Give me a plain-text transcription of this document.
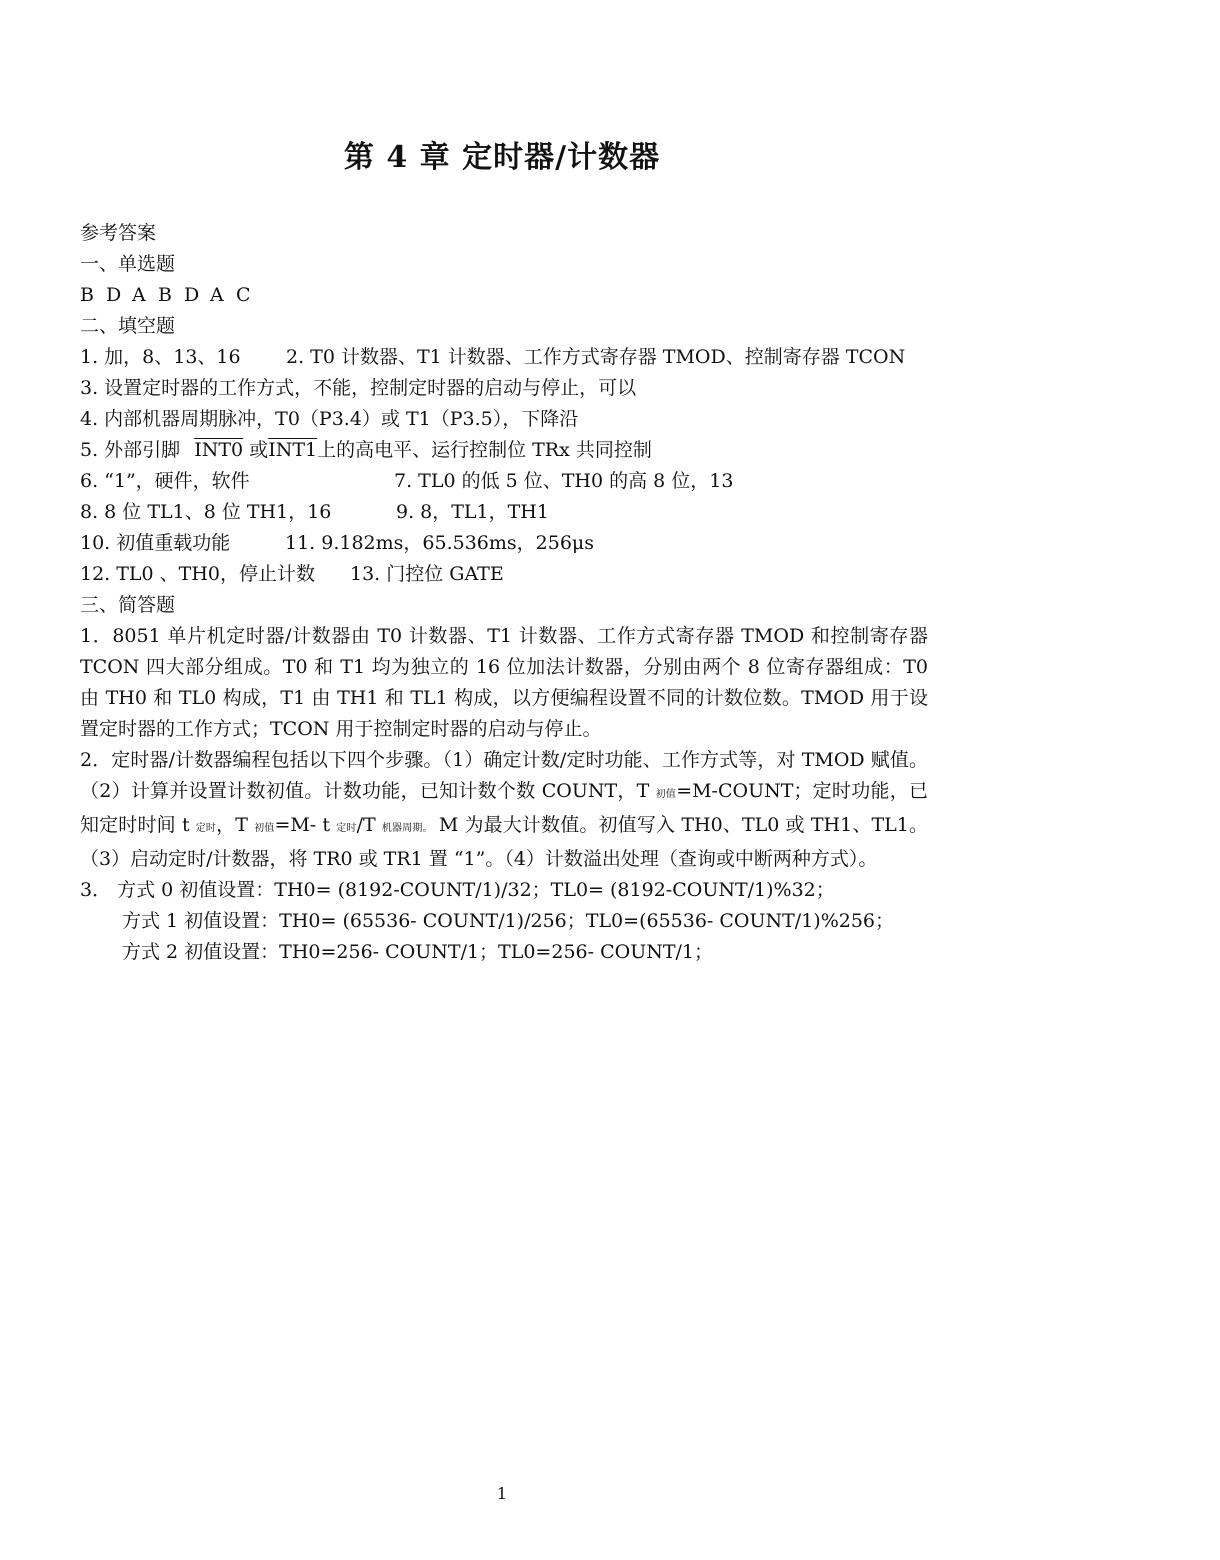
第 4 章 定时器/计数器
参考答案
一、单选题
B D A B D A C
二、填空题
1. 加，8、13、16 2. T0 计数器、T1 计数器、工作方式寄存器 TMOD、控制寄存器 TCON
3. 设置定时器的工作方式，不能，控制定时器的启动与停止，可以
4. 内部机器周期脉冲，T0（P3.4）或 T1（P3.5），下降沿
5. 外部引脚 INT0 或INT1上的高电平、运行控制位 TRx 共同控制
6. “1”，硬件，软件	7. TL0 的低 5 位、TH0 的高 8 位，13
8. 8 位 TL1、8 位 TH1，16	9. 8，TL1，TH1
10. 初值重载功能	11. 9.182ms，65.536ms，256μs
12. TL0 、TH0，停止计数 13. 门控位 GATE
三、简答题
1．8051 单片机定时器/计数器由 T0 计数器、T1 计数器、工作方式寄存器 TMOD 和控制寄存器 TCON 四大部分组成。T0 和 T1 均为独立的 16 位加法计数器，分别由两个 8 位寄存器组成：T0 由 TH0 和 TL0 构成，T1 由 TH1 和 TL1 构成，以方便编程设置不同的计数位数。TMOD 用于设置定时器的工作方式；TCON 用于控制定时器的启动与停止。
2．定时器/计数器编程包括以下四个步骤。（1）确定计数/定时功能、工作方式等，对 TMOD 赋值。（2）计算并设置计数初值。计数功能，已知计数个数 COUNT，T 初值=M-COUNT；定时功能，已知定时时间 t 定时，T 初值=M- t 定时/T 机器周期。 M 为最大计数值。初值写入 TH0、TL0 或 TH1、TL1。（3）启动定时/计数器，将 TR0 或 TR1 置 “1”。（4）计数溢出处理（查询或中断两种方式）。
3． 方式 0 初值设置：TH0= (8192-COUNT/1)/32；TL0= (8192-COUNT/1)%32；
方式 1 初值设置：TH0= (65536- COUNT/1)/256；TL0=(65536- COUNT/1)%256；
方式 2 初值设置：TH0=256- COUNT/1；TL0=256- COUNT/1；
1
